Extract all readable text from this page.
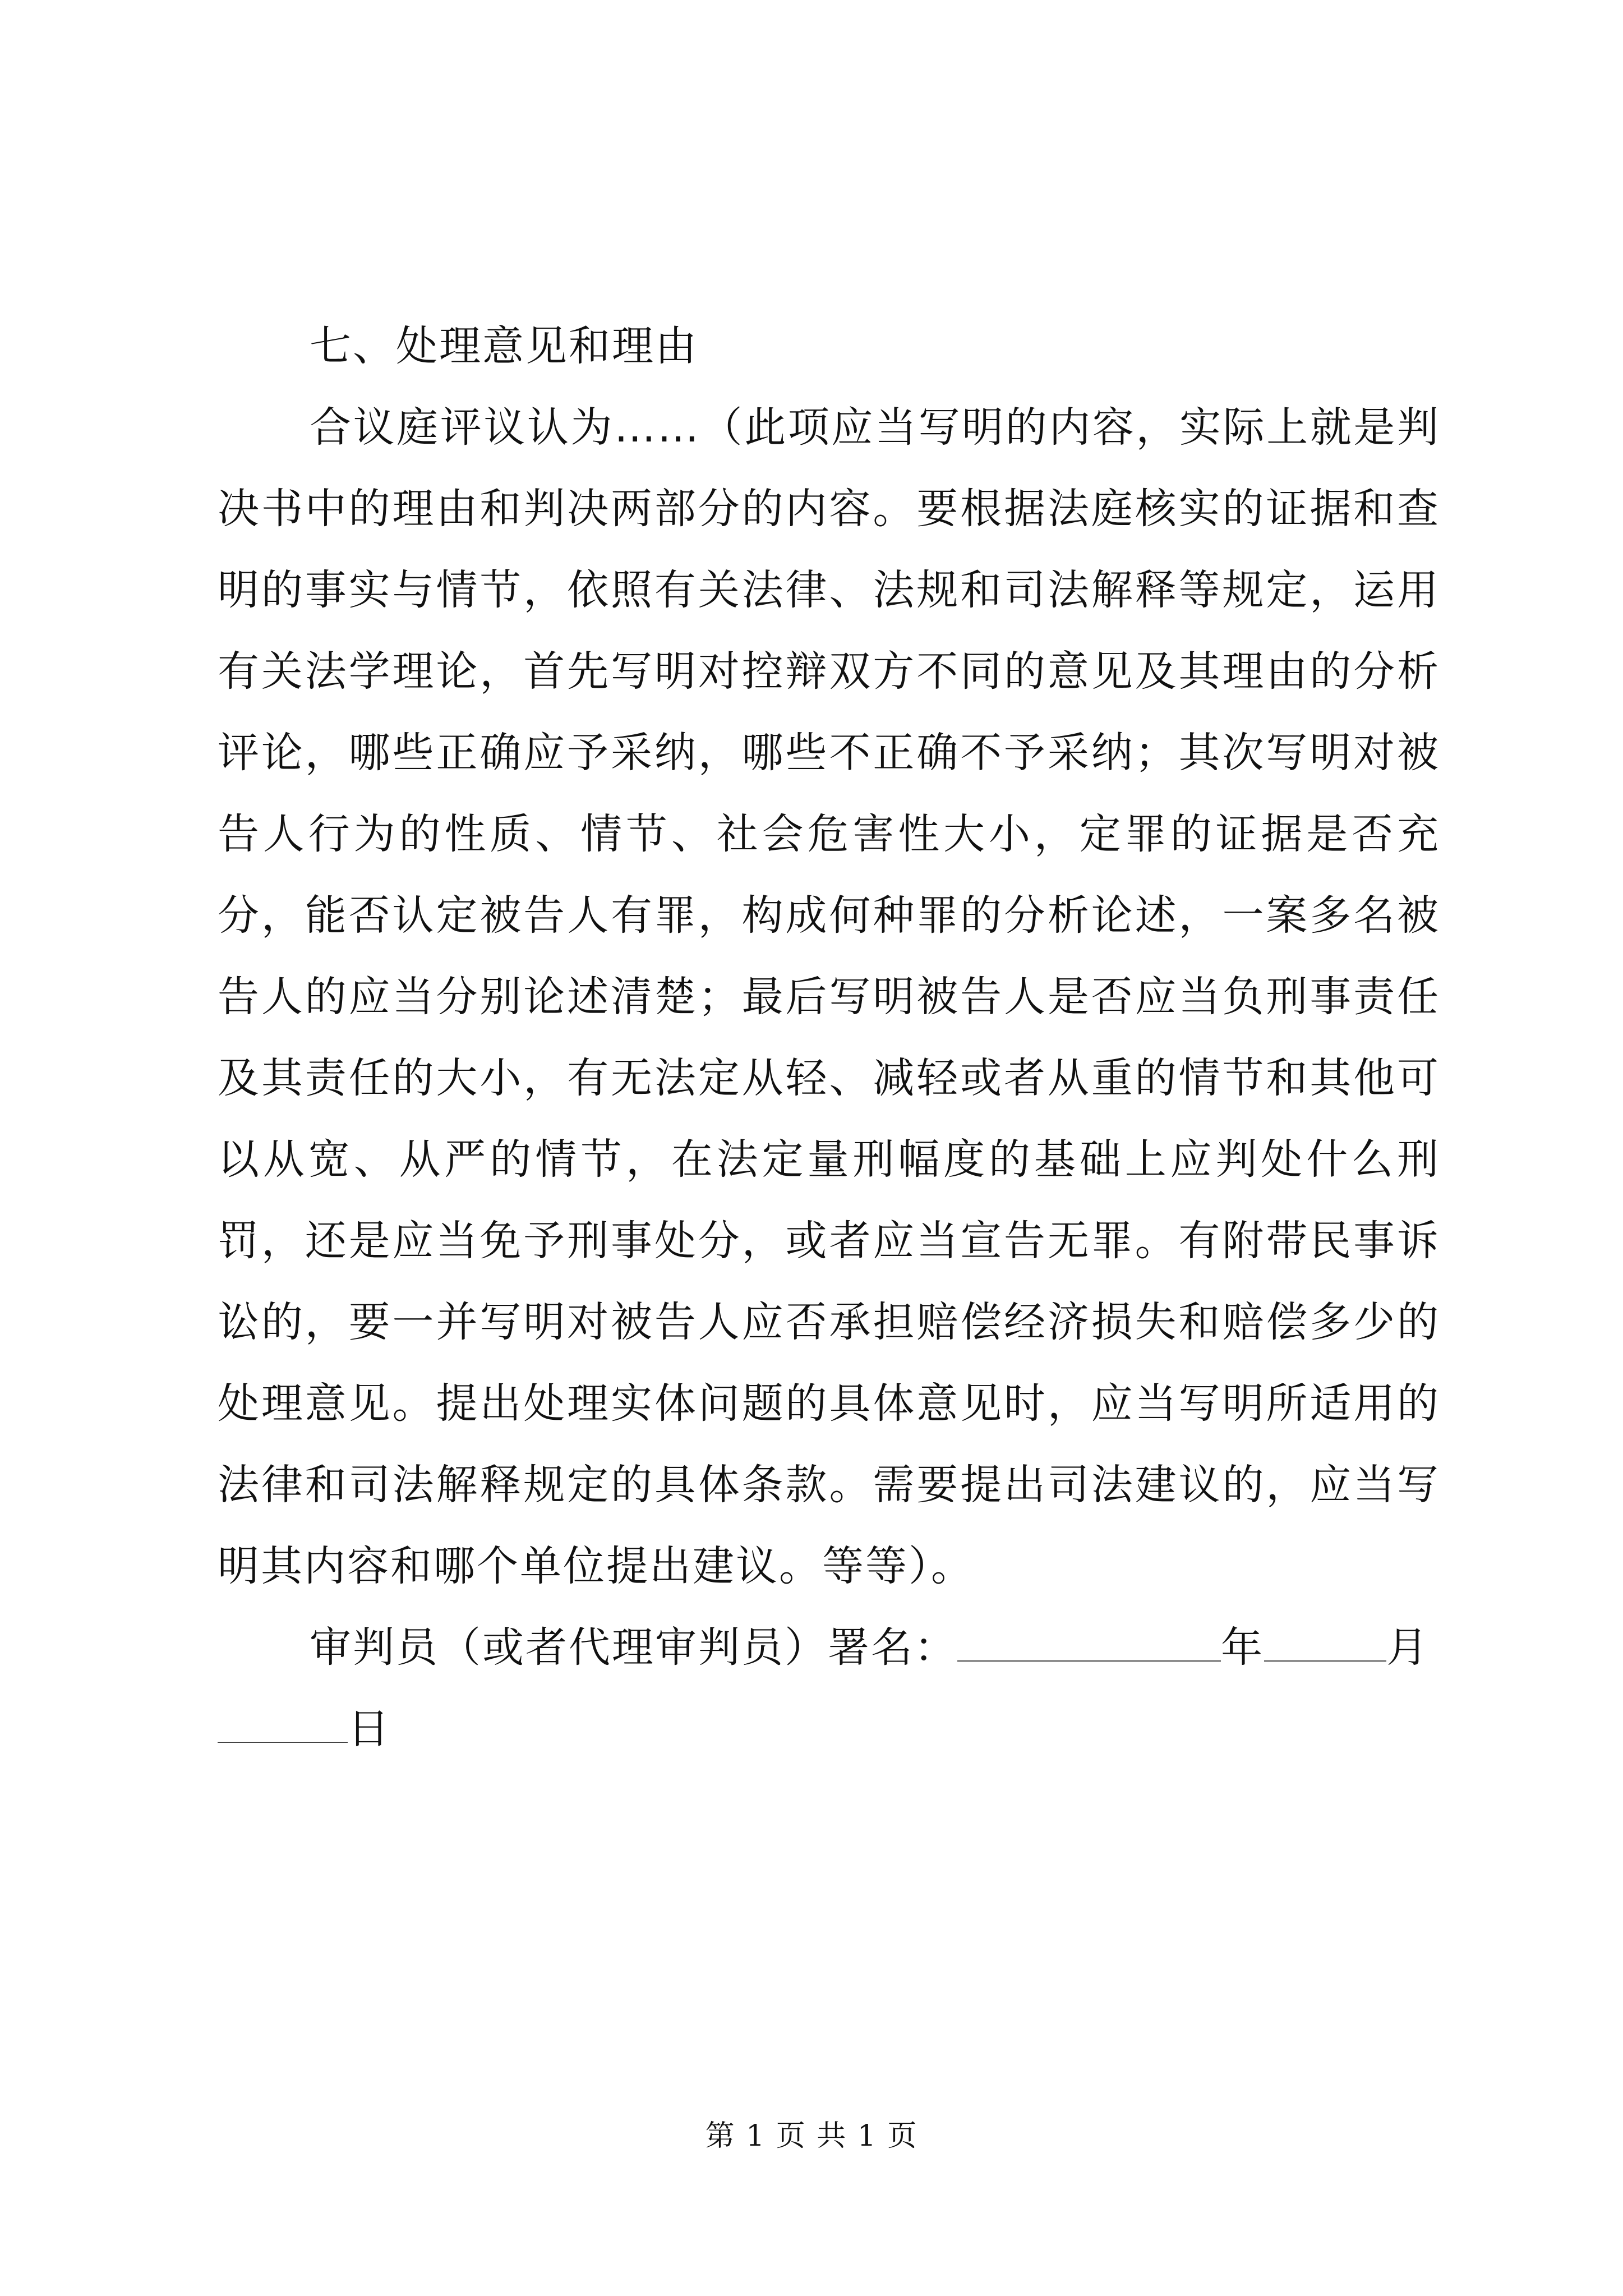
七、处理意见和理由

合议庭评议认为……（此项应当写明的内容，实际上就是判决书中的理由和判决两部分的内容。要根据法庭核实的证据和查明的事实与情节，依照有关法律、法规和司法解释等规定，运用有关法学理论，首先写明对控辩双方不同的意见及其理由的分析评论，哪些正确应予采纳，哪些不正确不予采纳；其次写明对被告人行为的性质、情节、社会危害性大小，定罪的证据是否充分，能否认定被告人有罪，构成何种罪的分析论述，一案多名被告人的应当分别论述清楚；最后写明被告人是否应当负刑事责任及其责任的大小，有无法定从轻、减轻或者从重的情节和其他可以从宽、从严的情节，在法定量刑幅度的基础上应判处什么刑罚，还是应当免予刑事处分，或者应当宣告无罪。有附带民事诉讼的，要一并写明对被告人应否承担赔偿经济损失和赔偿多少的处理意见。提出处理实体问题的具体意见时，应当写明所适用的法律和司法解释规定的具体条款。需要提出司法建议的，应当写明其内容和哪个单位提出建议。等等）。

审判员（或者代理审判员）署名：	年	月
日

第 1 页 共 1 页
